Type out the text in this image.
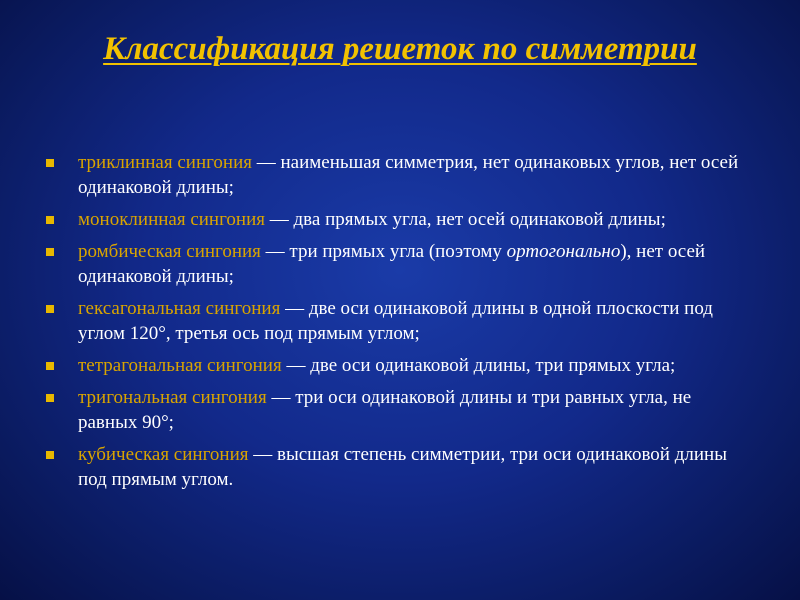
Классификация решеток по симметрии
триклинная сингония — наименьшая симметрия, нет одинаковых углов, нет осей одинаковой длины;
моноклинная сингония — два прямых угла, нет осей одинаковой длины;
ромбическая сингония — три прямых угла (поэтому ортогонально), нет осей одинаковой длины;
гексагональная сингония — две оси одинаковой длины в одной плоскости под углом 120°, третья ось под прямым углом;
тетрагональная сингония — две оси одинаковой длины, три прямых угла;
тригональная сингония — три оси одинаковой длины и три равных угла, не равных 90°;
кубическая сингония — высшая степень симметрии, три оси одинаковой длины под прямым углом.
